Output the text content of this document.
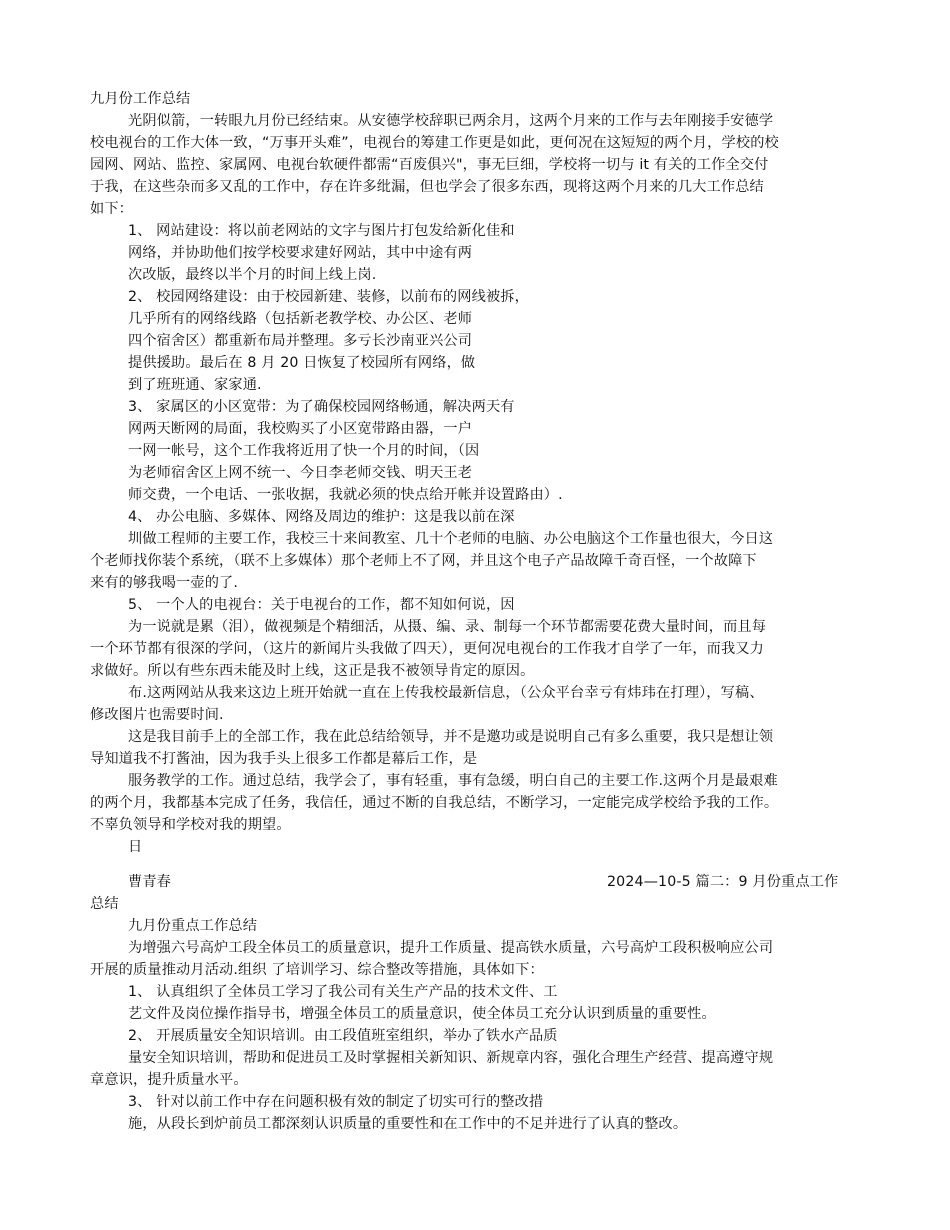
九月份工作总结
光阴似箭，一转眼九月份已经结束。从安德学校辞职已两余月，这两个月来的工作与去年刚接手安德学
校电视台的工作大体一致，“万事开头难”，电视台的筹建工作更是如此，更何况在这短短的两个月，学校的校
园网、网站、监控、家属网、电视台软硬件都需“百废俱兴"，事无巨细，学校将一切与 it 有关的工作全交付
于我，在这些杂而多又乱的工作中，存在许多纰漏，但也学会了很多东西，现将这两个月来的几大工作总结
如下：
1、 网站建设：将以前老网站的文字与图片打包发给新化佳和
网络，并协助他们按学校要求建好网站，其中中途有两
次改版，最终以半个月的时间上线上岗.
2、 校园网络建设：由于校园新建、装修，以前布的网线被拆，
几乎所有的网络线路（包括新老教学校、办公区、老师
四个宿舍区）都重新布局并整理。多亏长沙南亚兴公司
提供援助。最后在 8 月 20 日恢复了校园所有网络，做
到了班班通、家家通.
3、 家属区的小区宽带：为了确保校园网络畅通，解决两天有
网两天断网的局面，我校购买了小区宽带路由器，一户
一网一帐号，这个工作我将近用了快一个月的时间，（因
为老师宿舍区上网不统一、今日李老师交钱、明天王老
师交费，一个电话、一张收据，我就必须的快点给开帐并设置路由）.
4、 办公电脑、多媒体、网络及周边的维护：这是我以前在深
圳做工程师的主要工作，我校三十来间教室、几十个老师的电脑、办公电脑这个工作量也很大，今日这
个老师找你装个系统，（联不上多媒体）那个老师上不了网，并且这个电子产品故障千奇百怪，一个故障下
来有的够我喝一壶的了.
5、 一个人的电视台：关于电视台的工作，都不知如何说，因
为一说就是累（泪），做视频是个精细活，从摄、编、录、制每一个环节都需要花费大量时间，而且每
一个环节都有很深的学问，（这片的新闻片头我做了四天），更何况电视台的工作我才自学了一年，而我又力
求做好。所以有些东西未能及时上线，这正是我不被领导肯定的原因。
布.这两网站从我来这边上班开始就一直在上传我校最新信息，（公众平台幸亏有炜玮在打理），写稿、
修改图片也需要时间.
这是我目前手上的全部工作，我在此总结给领导，并不是邀功或是说明自己有多么重要，我只是想让领
导知道我不打酱油，因为我手头上很多工作都是幕后工作，是
服务教学的工作。通过总结，我学会了，事有轻重，事有急缓，明白自己的主要工作.这两个月是最艰难
的两个月，我都基本完成了任务，我信任，通过不断的自我总结，不断学习，一定能完成学校给予我的工作。
不辜负领导和学校对我的期望。
日
曹青春	2024—10-5 篇二：9 月份重点工作
总结
九月份重点工作总结
为增强六号高炉工段全体员工的质量意识，提升工作质量、提高铁水质量，六号高炉工段积极响应公司
开展的质量推动月活动.组织 了培训学习、综合整改等措施，具体如下：
1、 认真组织了全体员工学习了我公司有关生产产品的技术文件、工
艺文件及岗位操作指导书，增强全体员工的质量意识，使全体员工充分认识到质量的重要性。
2、 开展质量安全知识培训。由工段值班室组织，举办了铁水产品质
量安全知识培训，帮助和促进员工及时掌握相关新知识、新规章内容，强化合理生产经营、提高遵守规
章意识，提升质量水平。
3、 针对以前工作中存在问题积极有效的制定了切实可行的整改措
施，从段长到炉前员工都深刻认识质量的重要性和在工作中的不足并进行了认真的整改。
